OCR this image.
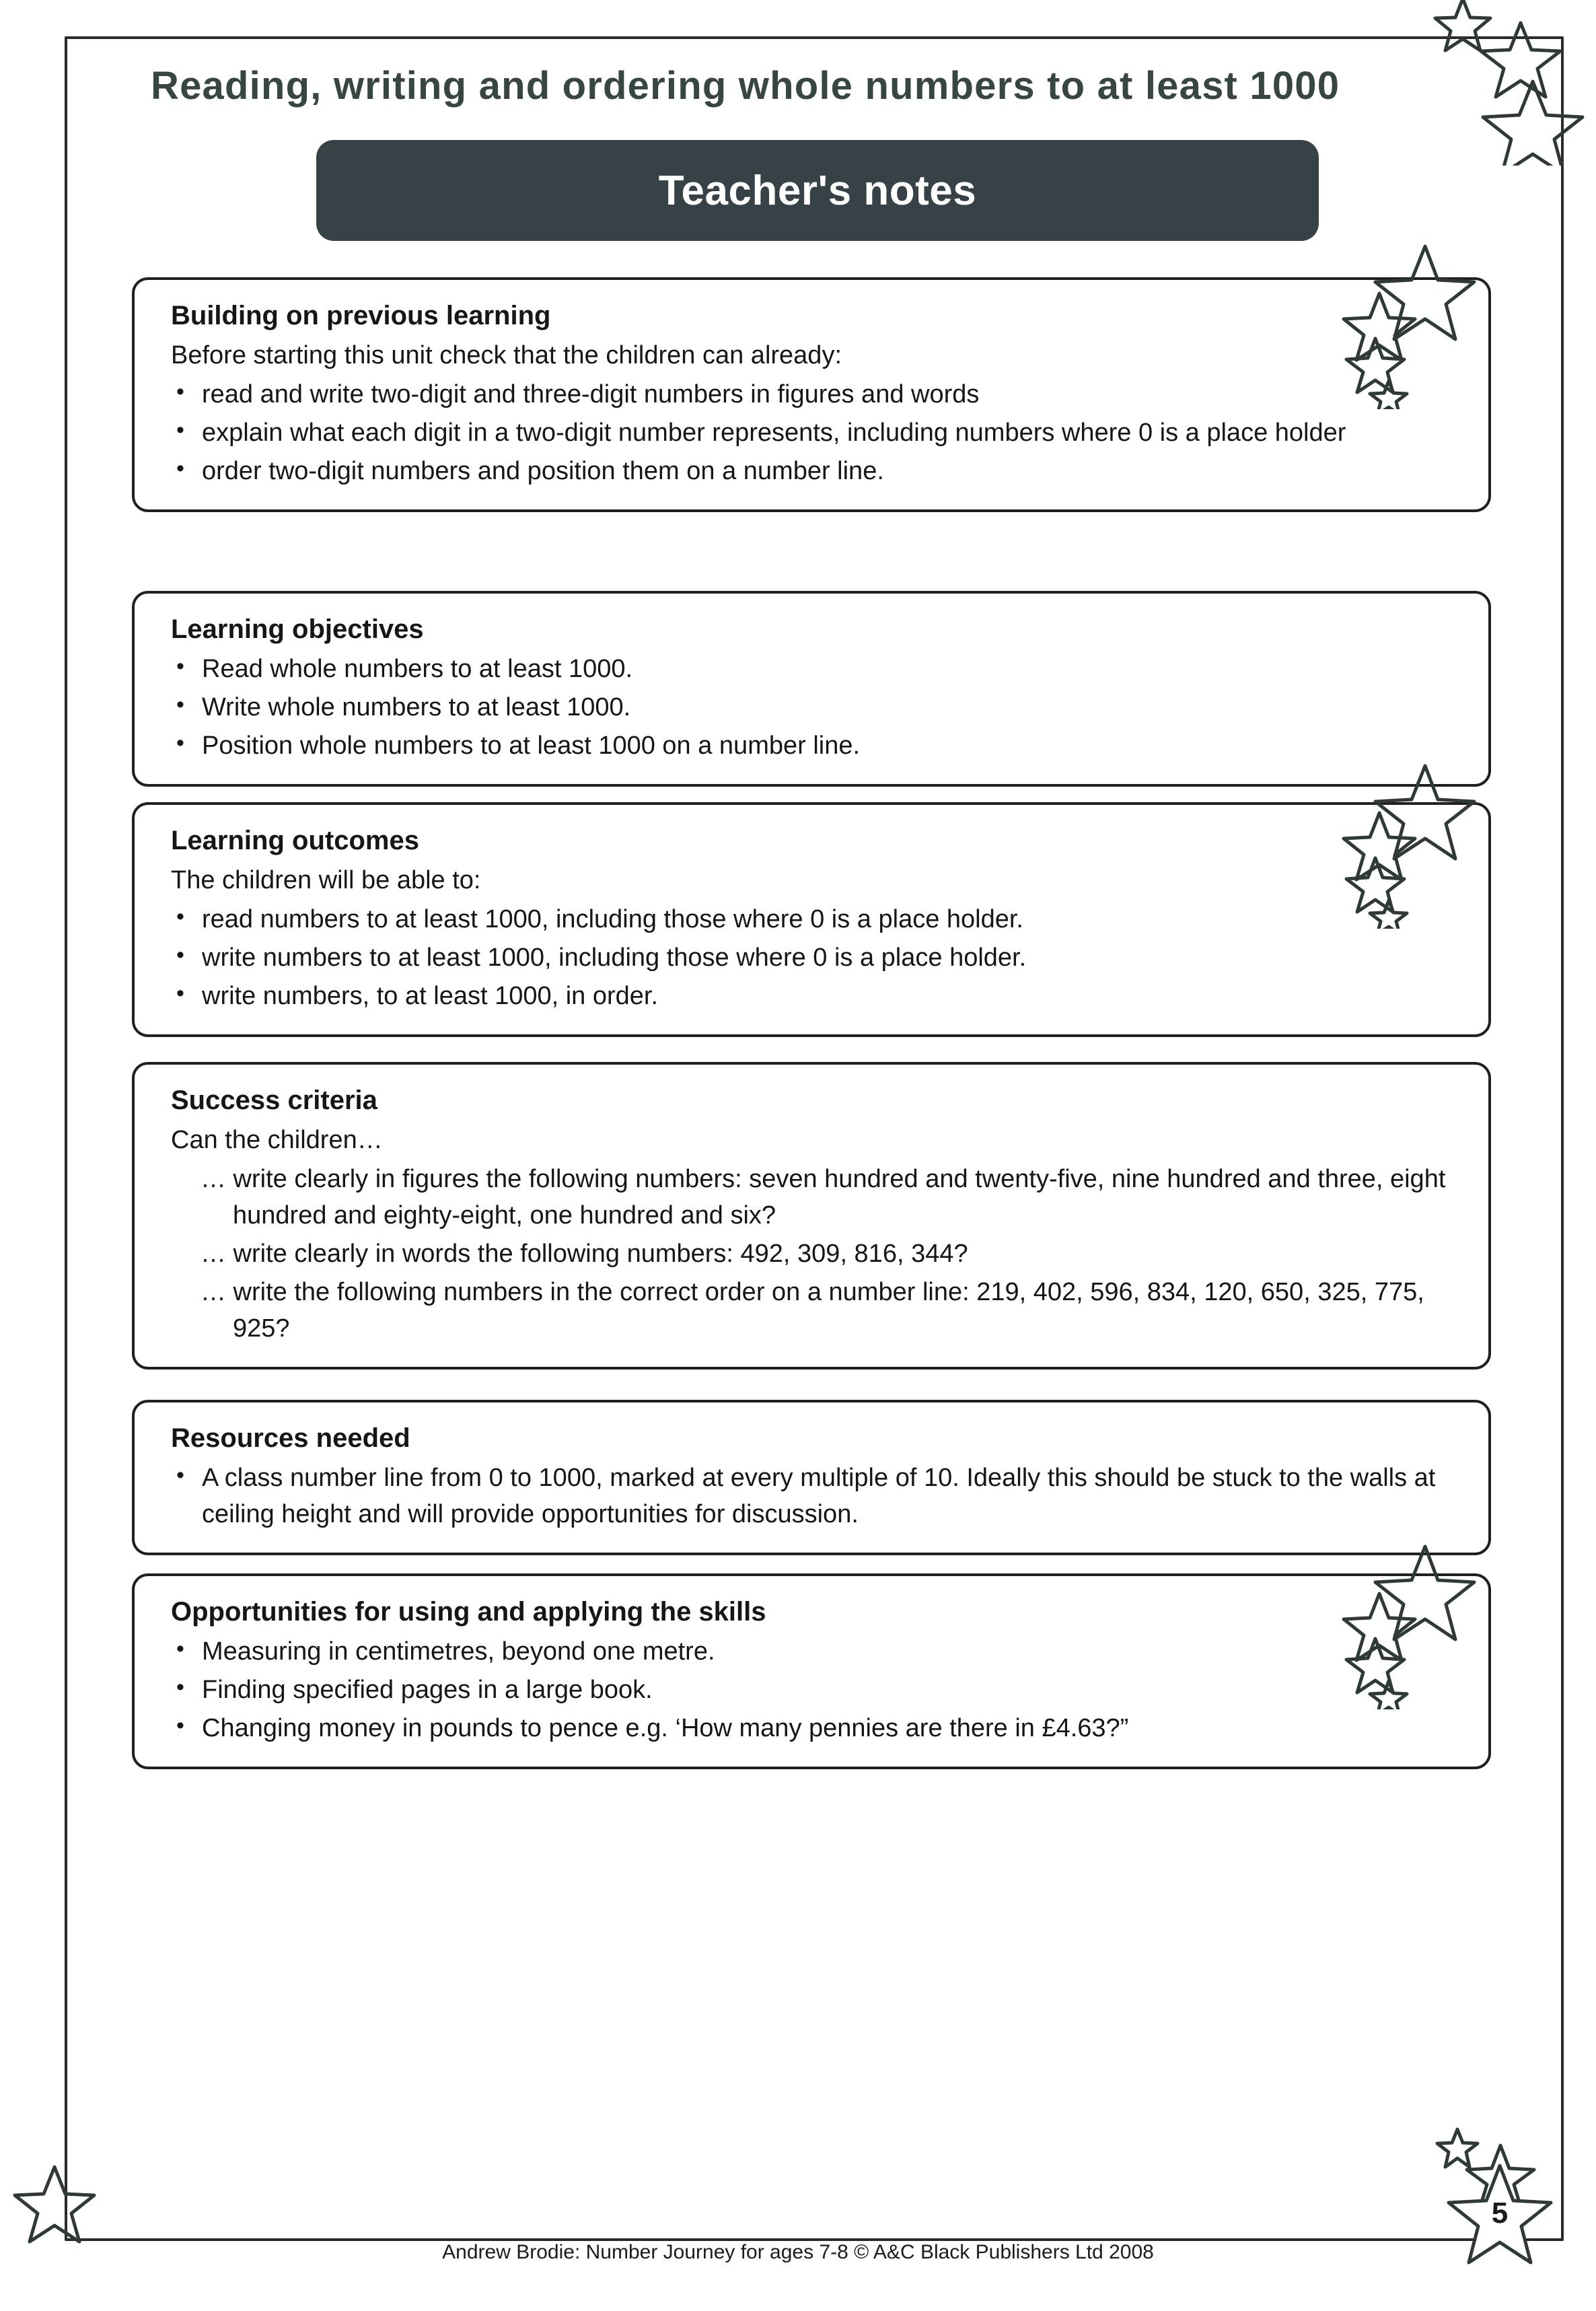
Reading, writing and ordering whole numbers to at least 1000
Teacher's notes
Building on previous learning
Before starting this unit check that the children can already:
• read and write two-digit and three-digit numbers in figures and words
• explain what each digit in a two-digit number represents, including numbers where 0 is a place holder
• order two-digit numbers and position them on a number line.
Learning objectives
• Read whole numbers to at least 1000.
• Write whole numbers to at least 1000.
• Position whole numbers to at least 1000 on a number line.
Learning outcomes
The children will be able to:
• read numbers to at least 1000, including those where 0 is a place holder.
• write numbers to at least 1000, including those where 0 is a place holder.
• write numbers, to at least 1000, in order.
Success criteria
Can the children…
… write clearly in figures the following numbers: seven hundred and twenty-five, nine hundred and three, eight hundred and eighty-eight, one hundred and six?
… write clearly in words the following numbers: 492, 309, 816, 344?
… write the following numbers in the correct order on a number line: 219, 402, 596, 834, 120, 650, 325, 775, 925?
Resources needed
• A class number line from 0 to 1000, marked at every multiple of 10. Ideally this should be stuck to the walls at ceiling height and will provide opportunities for discussion.
Opportunities for using and applying the skills
• Measuring in centimetres, beyond one metre.
• Finding specified pages in a large book.
• Changing money in pounds to pence e.g. ‘How many pennies are there in £4.63?”
5
Andrew Brodie: Number Journey for ages 7-8 © A&C Black Publishers Ltd 2008
